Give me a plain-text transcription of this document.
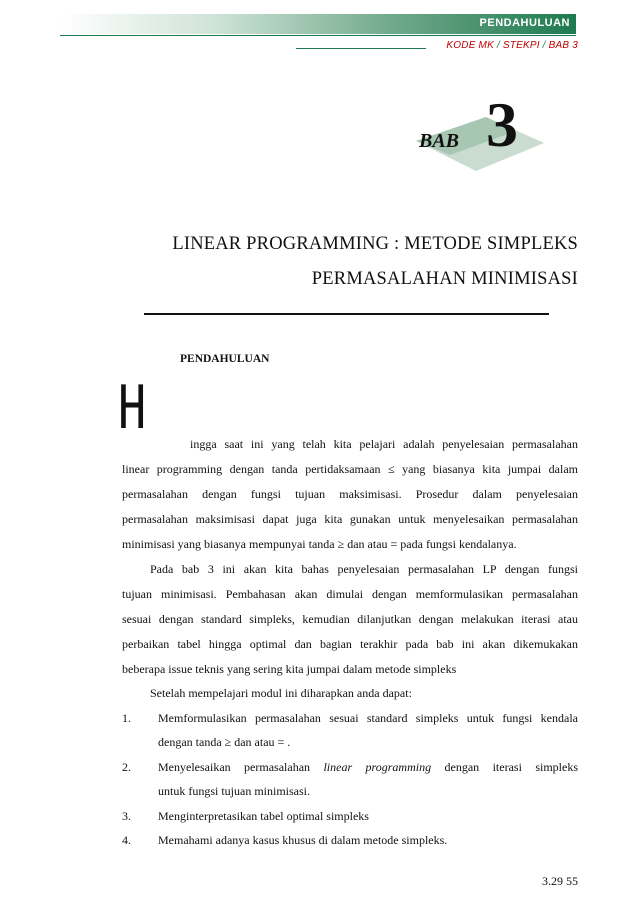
PENDAHULUAN
KODE MK / STEKPI / BAB 3
BAB 3
LINEAR PROGRAMMING : METODE SIMPLEKS
PERMASALAHAN MINIMISASI
PENDAHULUAN
H
ingga saat ini yang telah kita pelajari adalah penyelesaian permasalahan
linear programming dengan tanda pertidaksamaan ≤ yang biasanya kita jumpai dalam
permasalahan dengan fungsi tujuan maksimisasi. Prosedur dalam penyelesaian
permasalahan maksimisasi dapat juga kita gunakan untuk menyelesaikan permasalahan
minimisasi yang biasanya mempunyai tanda ≥ dan atau = pada fungsi kendalanya.
Pada bab 3 ini akan kita bahas penyelesaian permasalahan LP dengan fungsi
tujuan minimisasi. Pembahasan akan dimulai dengan memformulasikan permasalahan
sesuai dengan standard simpleks, kemudian dilanjutkan dengan melakukan iterasi atau
perbaikan tabel hingga optimal dan bagian terakhir pada bab ini akan dikemukakan
beberapa issue teknis yang sering kita jumpai dalam metode simpleks
Setelah mempelajari modul ini diharapkan anda dapat:
1. Memformulasikan permasalahan sesuai standard simpleks untuk fungsi kendala
dengan tanda ≥ dan atau = .
2. Menyelesaikan permasalahan linear programming dengan iterasi simpleks
untuk fungsi tujuan minimisasi.
3. Menginterpretasikan tabel optimal simpleks
4. Memahami adanya kasus khusus di dalam metode simpleks.
3.29 55
